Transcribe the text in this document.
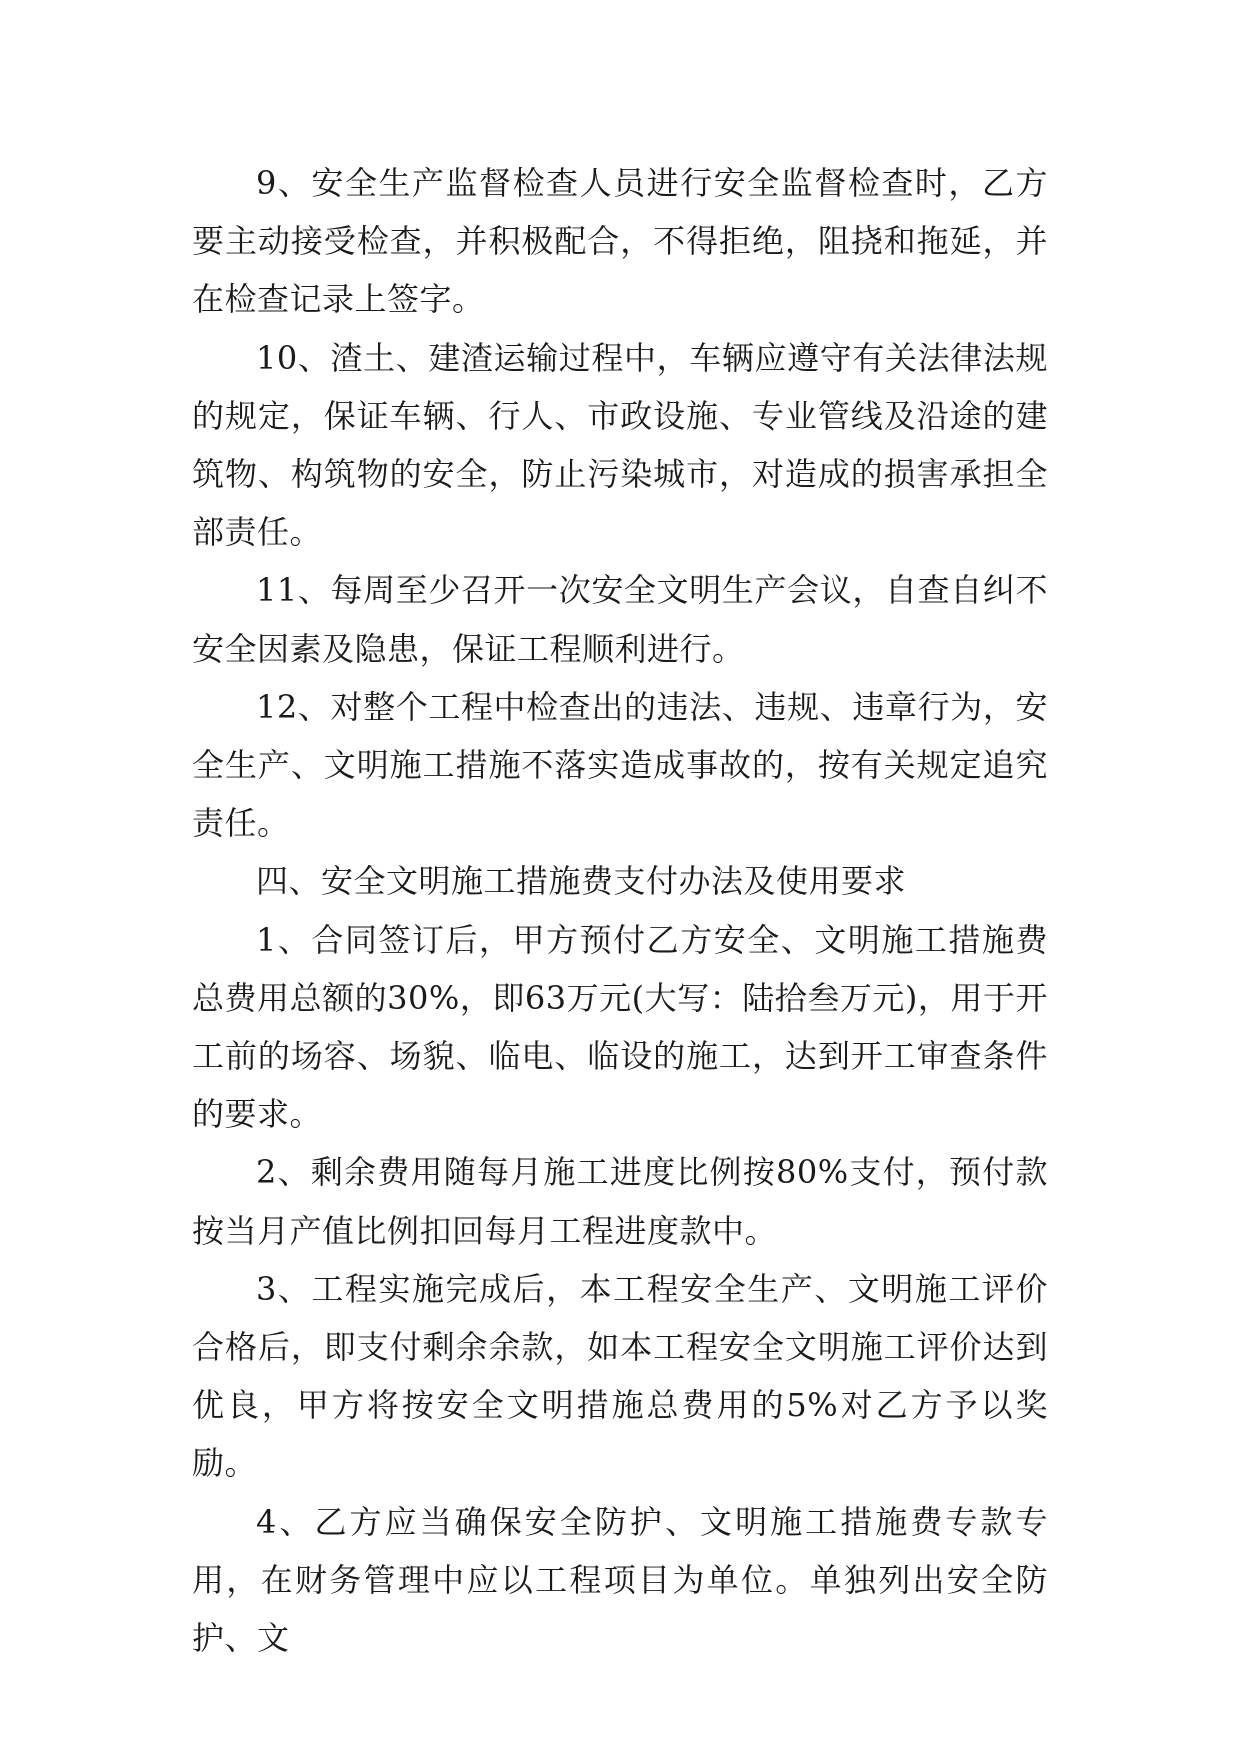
9、安全生产监督检查人员进行安全监督检查时，乙方要主动接受检查，并积极配合，不得拒绝，阻挠和拖延，并在检查记录上签字。

10、渣土、建渣运输过程中，车辆应遵守有关法律法规的规定，保证车辆、行人、市政设施、专业管线及沿途的建筑物、构筑物的安全，防止污染城市，对造成的损害承担全部责任。

11、每周至少召开一次安全文明生产会议，自查自纠不安全因素及隐患，保证工程顺利进行。

12、对整个工程中检查出的违法、违规、违章行为，安全生产、文明施工措施不落实造成事故的，按有关规定追究责任。

四、安全文明施工措施费支付办法及使用要求

1、合同签订后，甲方预付乙方安全、文明施工措施费总费用总额的30%，即63万元(大写：陆拾叁万元)，用于开工前的场容、场貌、临电、临设的施工，达到开工审查条件的要求。

2、剩余费用随每月施工进度比例按80%支付，预付款按当月产值比例扣回每月工程进度款中。

3、工程实施完成后，本工程安全生产、文明施工评价合格后，即支付剩余余款，如本工程安全文明施工评价达到优良，甲方将按安全文明措施总费用的5%对乙方予以奖励。

4、乙方应当确保安全防护、文明施工措施费专款专用，在财务管理中应以工程项目为单位。单独列出安全防护、文
